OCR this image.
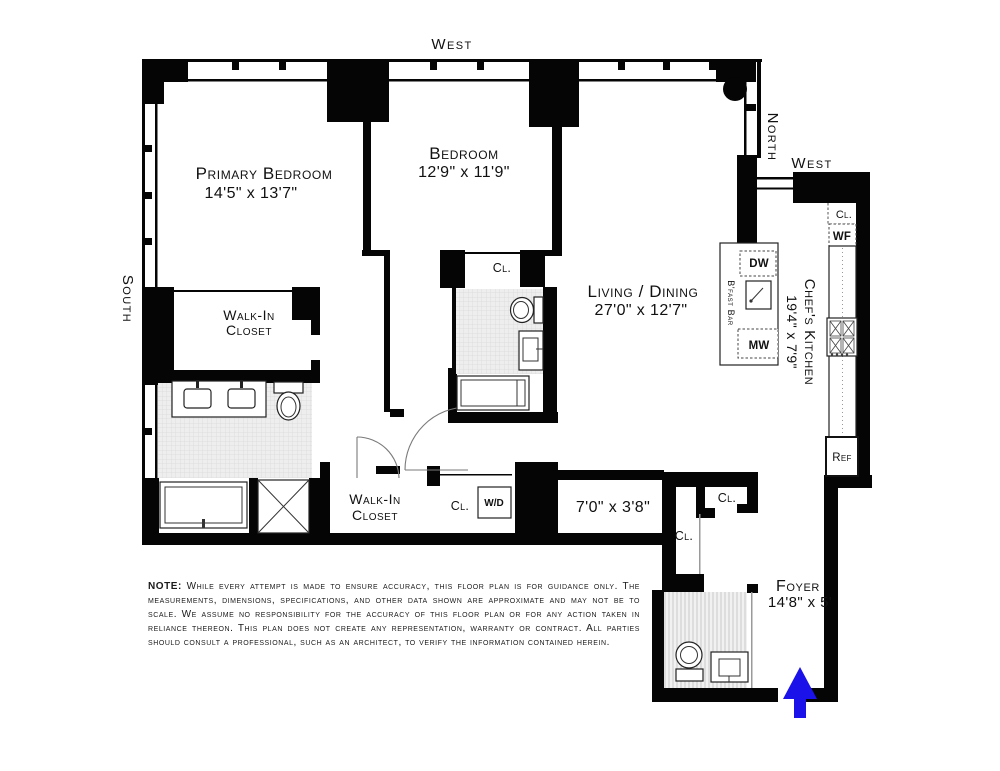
West
North
West
South
Primary Bedroom
14'5" x 13'7"
Bedroom
12'9" x 11'9"
Living / Dining
27'0" x 12'7"	Chef's Kitchen
19'4" x 7'9"
B'fast Bar
Foyer
14'8" x 5'
7'0" x 3'8"
Walk-In
Closet
Walk-In
Closet
Cl.
Cl. W/D	Cl.
Cl.
Cl.
WF
DW
MW
Ref
NOTE: While every attempt is made to ensure accuracy, this floor plan is for guidance only. The measurements, dimensions, specifications, and other data shown are approximate and may not be to scale. We assume no responsibility for the accuracy of this floor plan or for any action taken in reliance thereon. This plan does not create any representation, warranty or contract. All parties should consult a professional, such as an architect, to verify the information contained herein.
